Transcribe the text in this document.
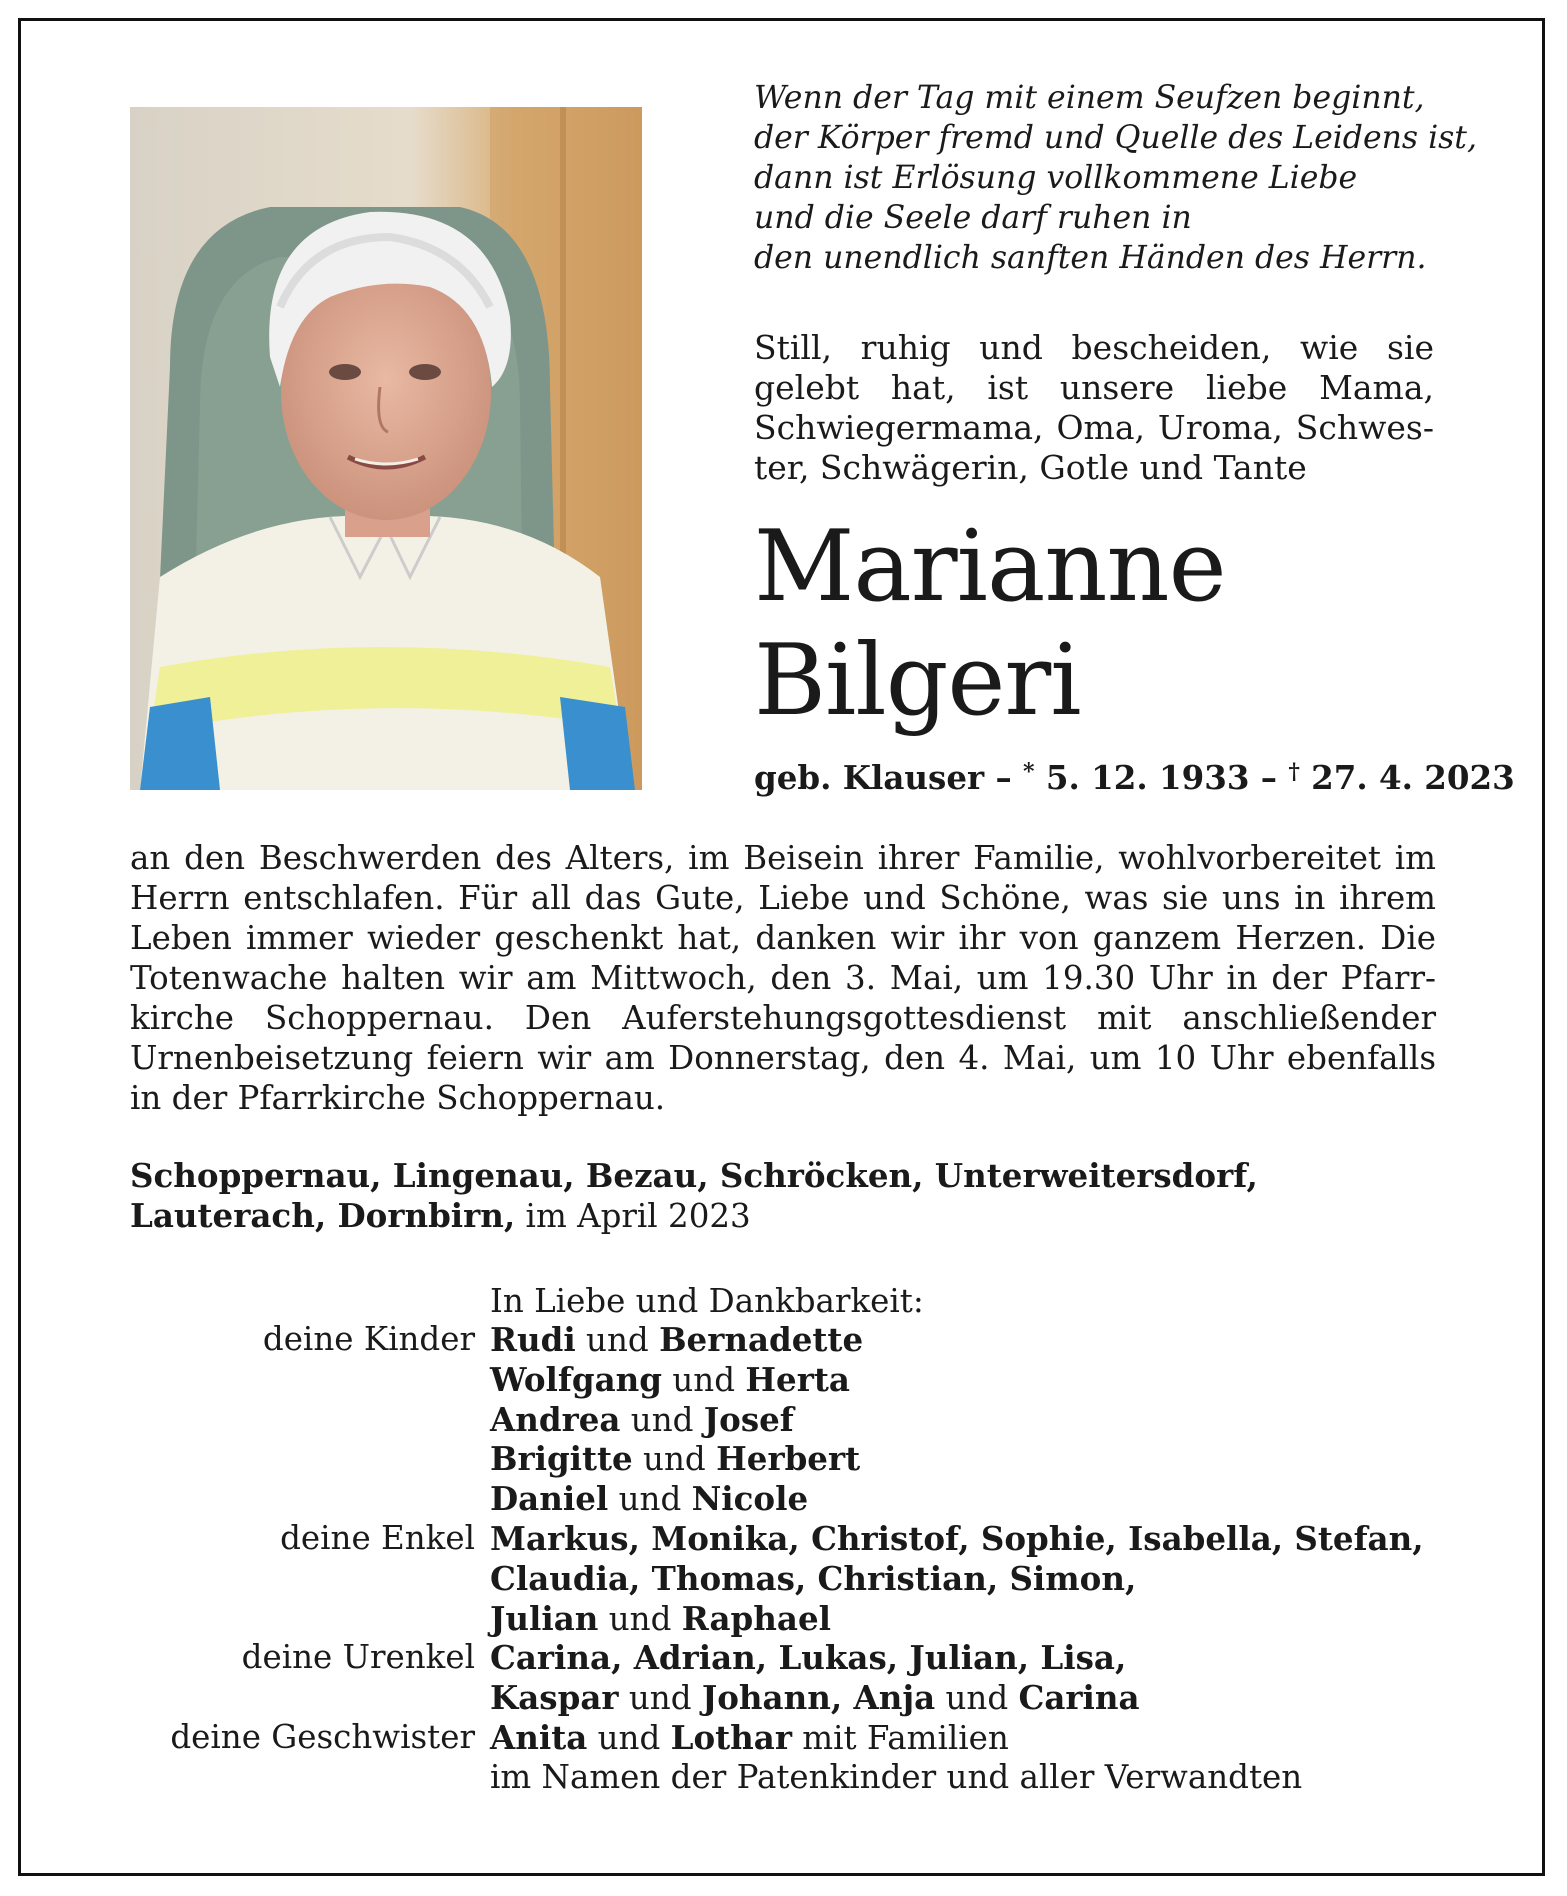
Wenn der Tag mit einem Seufzen beginnt,
der Körper fremd und Quelle des Leidens ist,
dann ist Erlösung vollkommene Liebe
und die Seele darf ruhen in
den unendlich sanften Händen des Herrn.
Still, ruhig und bescheiden, wie sie
gelebt hat, ist unsere liebe Mama,
Schwiegermama, Oma, Uroma, Schwes-
ter, Schwägerin, Gotle und Tante
Marianne
Bilgeri
geb. Klauser – * 5. 12. 1933 – † 27. 4. 2023
an den Beschwerden des Alters, im Beisein ihrer Familie, wohlvorbereitet im
Herrn entschlafen. Für all das Gute, Liebe und Schöne, was sie uns in ihrem
Leben immer wieder geschenkt hat, danken wir ihr von ganzem Herzen. Die
Totenwache halten wir am Mittwoch, den 3. Mai, um 19.30 Uhr in der Pfarr-
kirche Schoppernau. Den Auferstehungsgottesdienst mit anschließender
Urnenbeisetzung feiern wir am Donnerstag, den 4. Mai, um 10 Uhr ebenfalls
in der Pfarrkirche Schoppernau.
Schoppernau, Lingenau, Bezau, Schröcken, Unterweitersdorf,
Lauterach, Dornbirn, im April 2023
In Liebe und Dankbarkeit:
deine Kinder Rudi und Bernadette
Wolfgang und Herta
Andrea und Josef
Brigitte und Herbert
Daniel und Nicole
deine Enkel Markus, Monika, Christof, Sophie, Isabella, Stefan,
Claudia, Thomas, Christian, Simon,
Julian und Raphael
deine Urenkel Carina, Adrian, Lukas, Julian, Lisa,
Kaspar und Johann, Anja und Carina
deine Geschwister Anita und Lothar mit Familien
im Namen der Patenkinder und aller Verwandten
